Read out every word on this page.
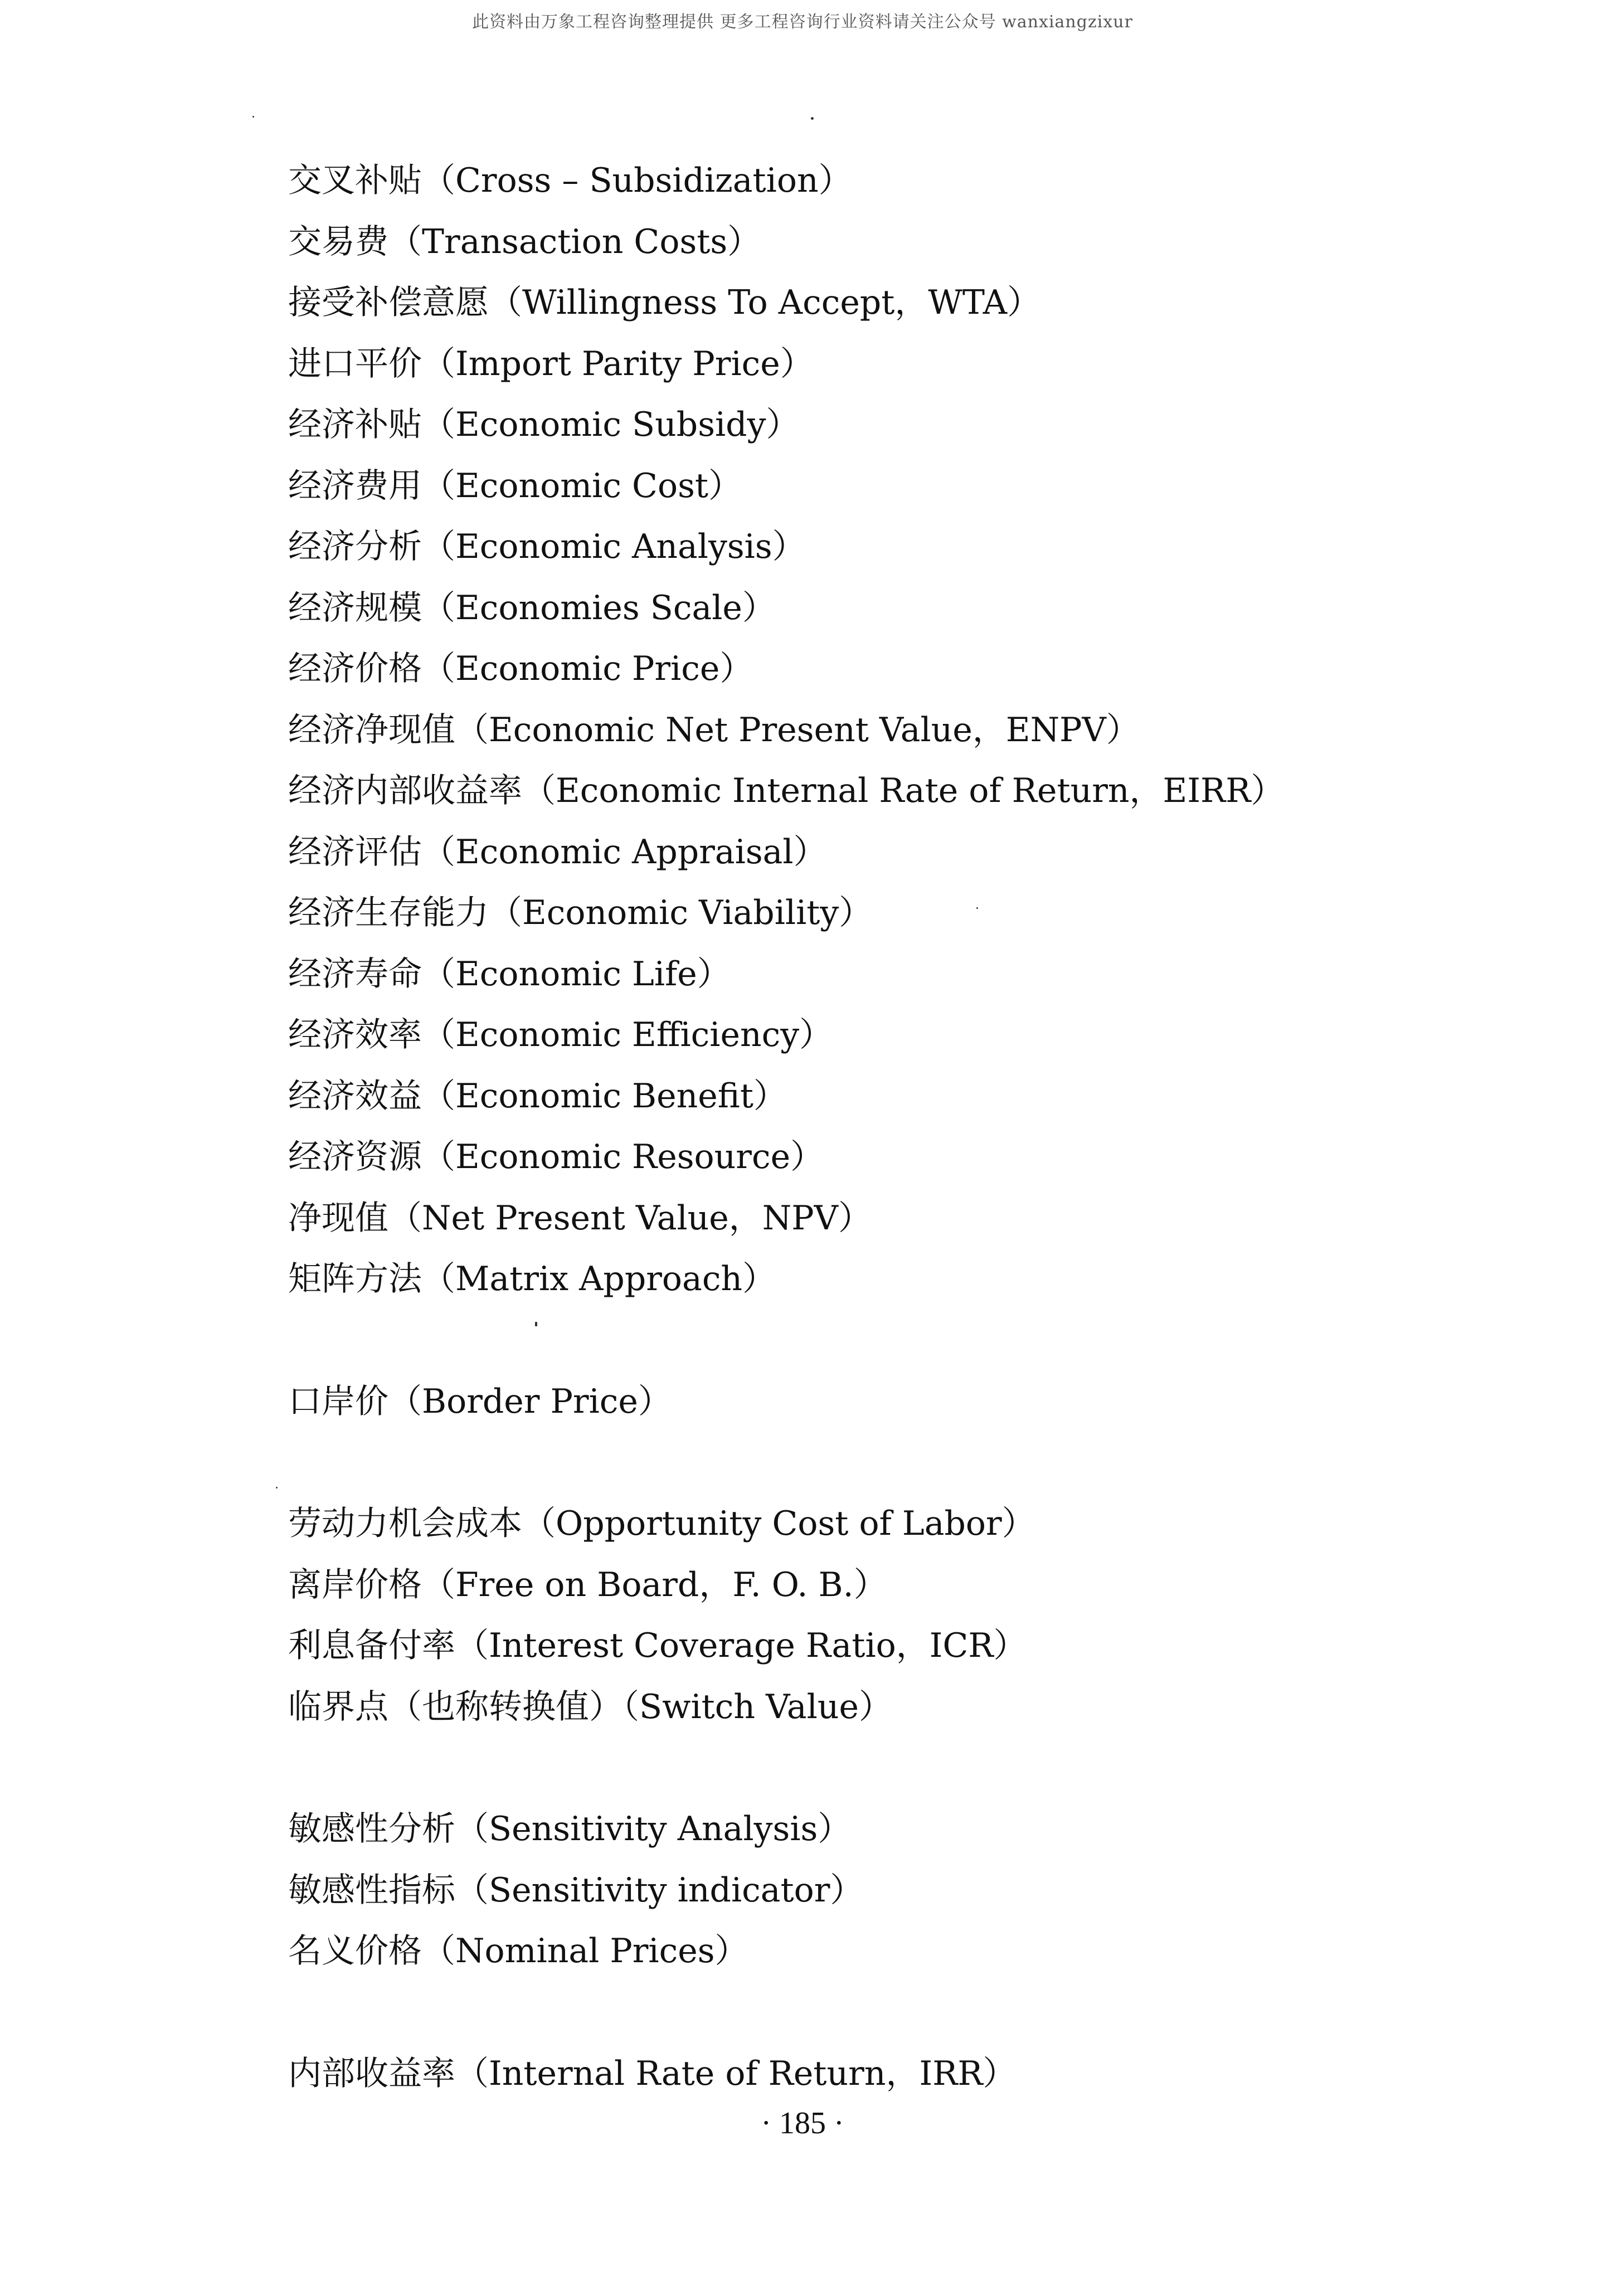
此资料由万象工程咨询整理提供 更多工程咨询行业资料请关注公众号 wanxiangzixur
交叉补贴（Cross – Subsidization）
交易费（Transaction Costs）
接受补偿意愿（Willingness To Accept，WTA）
进口平价（Import Parity Price）
经济补贴（Economic Subsidy）
经济费用（Economic Cost）
经济分析（Economic Analysis）
经济规模（Economies Scale）
经济价格（Economic Price）
经济净现值（Economic Net Present Value，ENPV）
经济内部收益率（Economic Internal Rate of Return，EIRR）
经济评估（Economic Appraisal）
经济生存能力（Economic Viability）
经济寿命（Economic Life）
经济效率（Economic Efficiency）
经济效益（Economic Benefit）
经济资源（Economic Resource）
净现值（Net Present Value，NPV）
矩阵方法（Matrix Approach）
口岸价（Border Price）
劳动力机会成本（Opportunity Cost of Labor）
离岸价格（Free on Board，F. O. B.）
利息备付率（Interest Coverage Ratio，ICR）
临界点（也称转换值）（Switch Value）
敏感性分析（Sensitivity Analysis）
敏感性指标（Sensitivity indicator）
名义价格（Nominal Prices）
内部收益率（Internal Rate of Return，IRR）
· 185 ·
